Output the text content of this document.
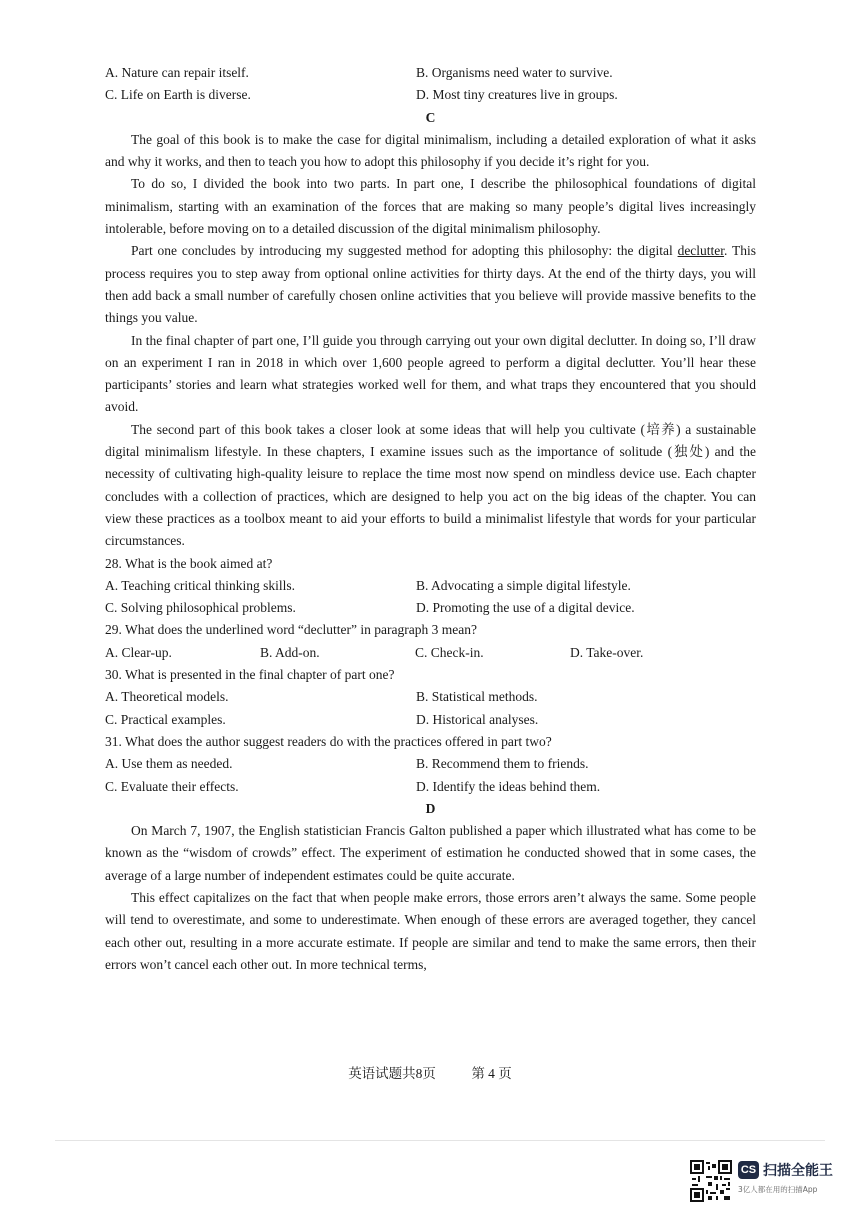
A. Nature can repair itself.	B. Organisms need water to survive.
C. Life on Earth is diverse.	D. Most tiny creatures live in groups.
C

The goal of this book is to make the case for digital minimalism, including a detailed exploration of what it asks and why it works, and then to teach you how to adopt this philosophy if you decide it’s right for you.

To do so, I divided the book into two parts. In part one, I describe the philosophical foundations of digital minimalism, starting with an examination of the forces that are making so many people’s digital lives increasingly intolerable, before moving on to a detailed discussion of the digital minimalism philosophy.

Part one concludes by introducing my suggested method for adopting this philosophy: the digital declutter. This process requires you to step away from optional online activities for thirty days. At the end of the thirty days, you will then add back a small number of carefully chosen online activities that you believe will provide massive benefits to the things you value.

In the final chapter of part one, I’ll guide you through carrying out your own digital declutter. In doing so, I’ll draw on an experiment I ran in 2018 in which over 1,600 people agreed to perform a digital declutter. You’ll hear these participants’ stories and learn what strategies worked well for them, and what traps they encountered that you should avoid.

The second part of this book takes a closer look at some ideas that will help you cultivate (培养) a sustainable digital minimalism lifestyle. In these chapters, I examine issues such as the importance of solitude (独处) and the necessity of cultivating high-quality leisure to replace the time most now spend on mindless device use. Each chapter concludes with a collection of practices, which are designed to help you act on the big ideas of the chapter. You can view these practices as a toolbox meant to aid your efforts to build a minimalist lifestyle that words for your particular circumstances.

28. What is the book aimed at?

A. Teaching critical thinking skills.	B. Advocating a simple digital lifestyle.
C. Solving philosophical problems.	D. Promoting the use of a digital device.

29. What does the underlined word “declutter” in paragraph 3 mean?

A. Clear-up.	B. Add-on.	C. Check-in.	D. Take-over.

30. What is presented in the final chapter of part one?

A. Theoretical models.	B. Statistical methods.
C. Practical examples.	D. Historical analyses.

31. What does the author suggest readers do with the practices offered in part two?

A. Use them as needed.	B. Recommend them to friends.
C. Evaluate their effects.	D. Identify the ideas behind them.
D

On March 7, 1907, the English statistician Francis Galton published a paper which illustrated what has come to be known as the “wisdom of crowds” effect. The experiment of estimation he conducted showed that in some cases, the average of a large number of independent estimates could be quite accurate.

This effect capitalizes on the fact that when people make errors, those errors aren’t always the same. Some people will tend to overestimate, and some to underestimate. When enough of these errors are averaged together, they cancel each other out, resulting in a more accurate estimate. If people are similar and tend to make the same errors, then their errors won’t cancel each other out. In more technical terms,

英语试题共8页	第 4 页
CS 扫描全能王
3亿人都在用的扫描App
